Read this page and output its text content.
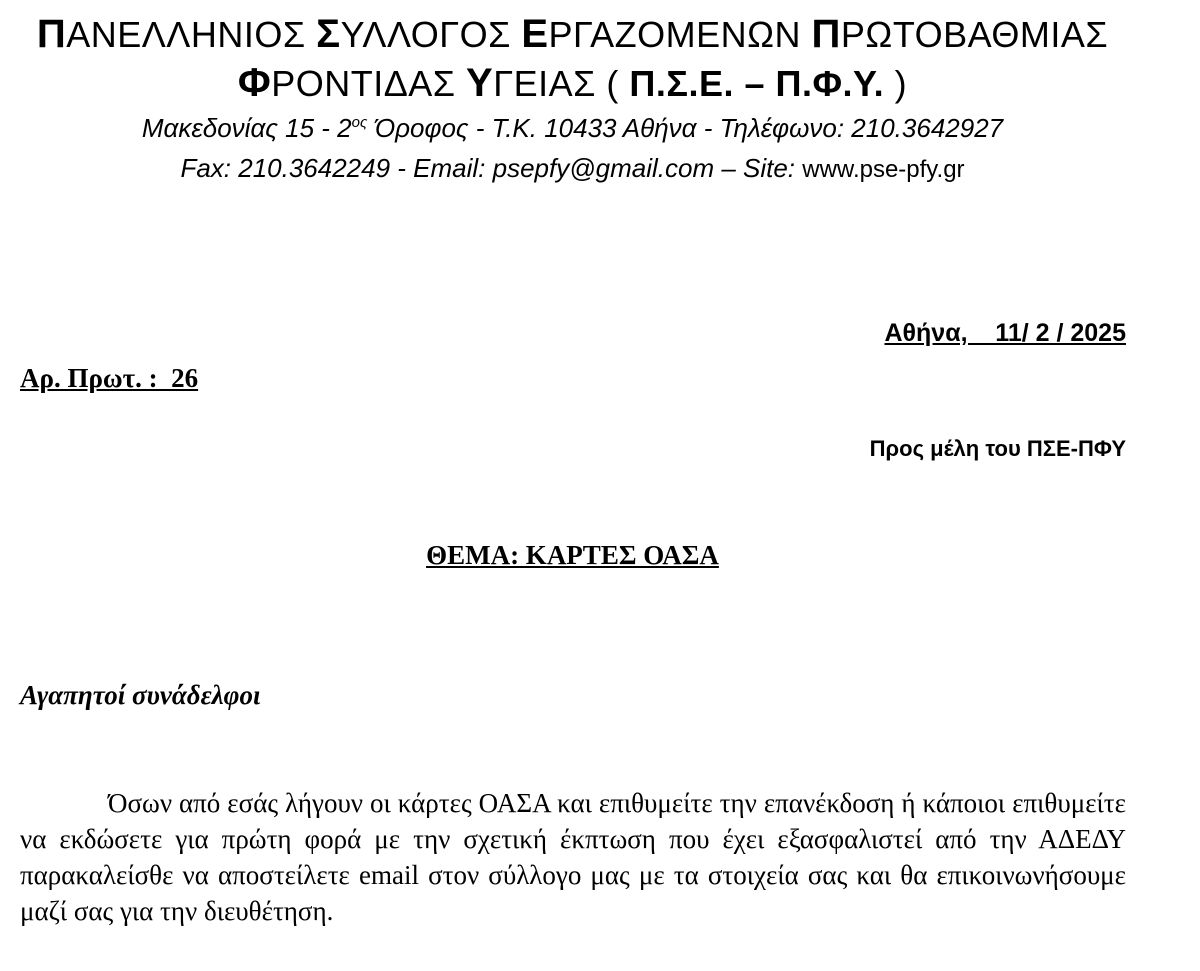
ΠΑΝΕΛΛΗΝΙΟΣ ΣΥΛΛΟΓΟΣ ΕΡΓΑΖΟΜΕΝΩΝ ΠΡΩΤΟΒΑΘΜΙΑΣ
ΦΡΟΝΤΙΔΑΣ ΥΓΕΙΑΣ ( Π.Σ.Ε. – Π.Φ.Υ. )
Μακεδονίας $15 - 2^{o\varsigma}$ Όροφος - Τ.Κ. 10433 Αθήνα - Τηλέφωνο: 210.3642927
Fax: 210.3642249 - Email: psepfy@gmail.com – Site: www.pse-pfy.gr
Αθήνα,    11/ 2 / 2025
Αρ. Πρωτ. :  26
Προς μέλη του ΠΣΕ-ΠΦΥ
ΘΕΜΑ: ΚΑΡΤΕΣ ΟΑΣΑ
Αγαπητοί συνάδελφοι

Όσων από εσάς λήγουν οι κάρτες ΟΑΣΑ και επιθυμείτε την επανέκδοση ή κάποιοι επιθυμείτε να εκδώσετε για πρώτη φορά με την σχετική έκπτωση που έχει εξασφαλιστεί από την ΑΔΕΔΥ παρακαλείσθε να αποστείλετε email στον σύλλογο μας με τα στοιχεία σας και θα επικοινωνήσουμε μαζί σας για την διευθέτηση.
